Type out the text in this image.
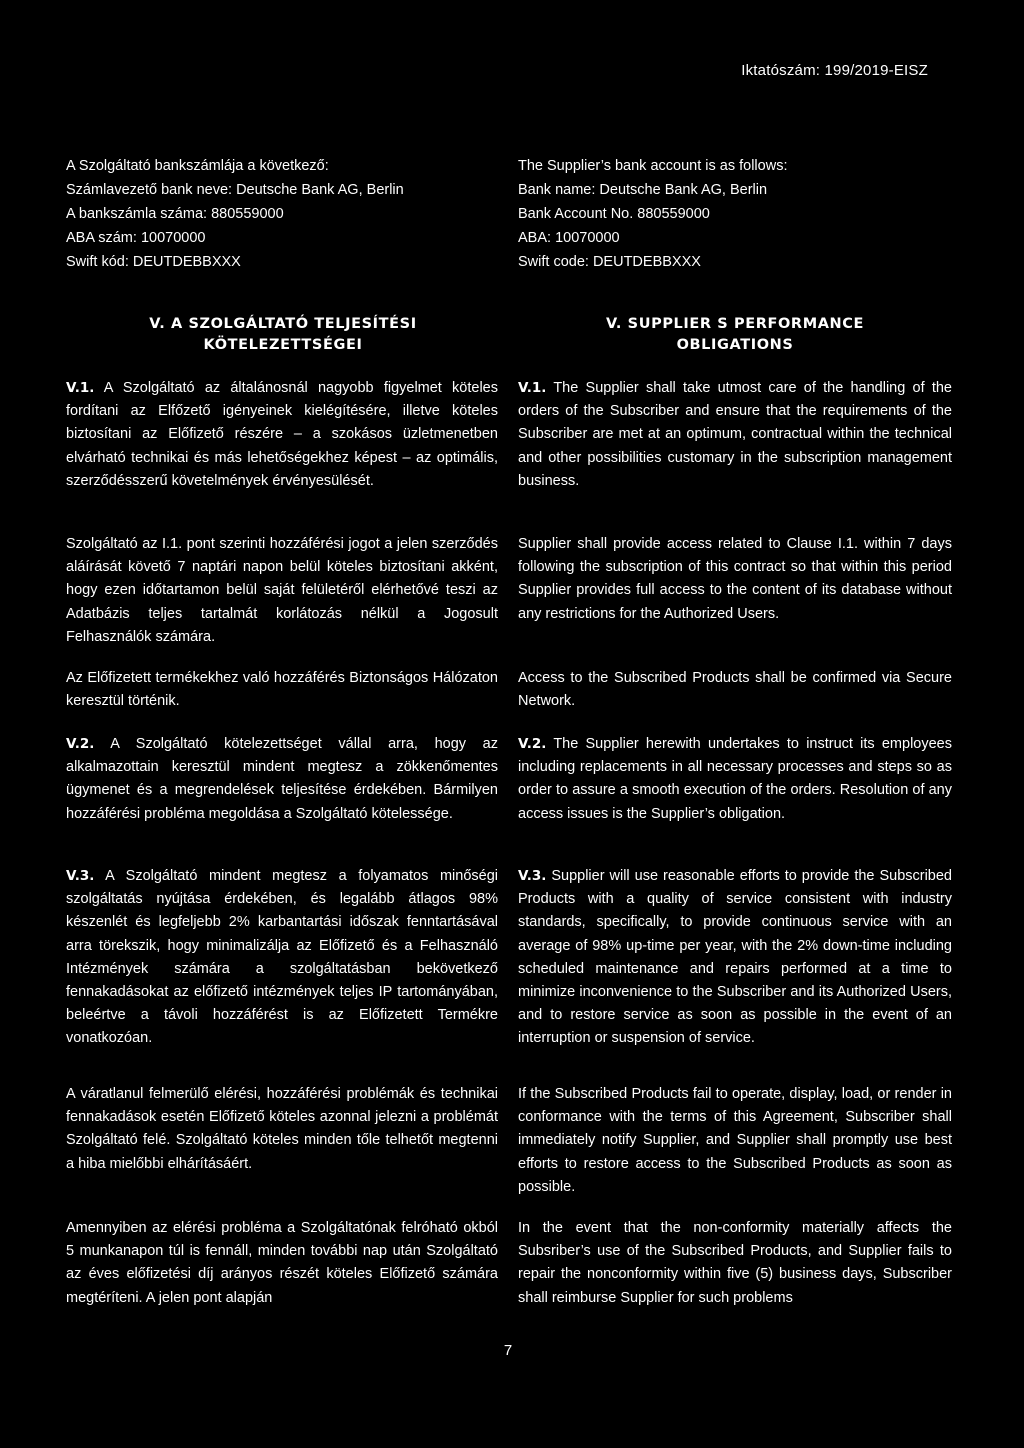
Iktatószám: 199/2019-EISZ

A Szolgáltató bankszámlája a következő:

Számlavezető bank neve: Deutsche Bank AG, Berlin

A bankszámla száma: 880559000

ABA szám: 10070000

Swift kód: DEUTDEBBXXX

The Supplier’s bank account is as follows:

Bank name: Deutsche Bank AG, Berlin

Bank Account No. 880559000

ABA: 10070000

Swift code: DEUTDEBBXXX

V. A SZOLGÁLTATÓ TELJESÍTÉSI
KÖTELEZETTSÉGEI
V. SUPPLIER S PERFORMANCE
OBLIGATIONS

V.1. A Szolgáltató az általánosnál nagyobb figyelmet köteles fordítani az Elfőzető igényeinek kielégítésére, illetve köteles biztosítani az Előfizető részére – a szokásos üzletmenetben elvárható technikai és más lehetőségekhez képest – az optimális, szerződésszerű követelmények érvényesülését.

Szolgáltató az I.1. pont szerinti hozzáférési jogot a jelen szerződés aláírását követő 7 naptári napon belül köteles biztosítani akként, hogy ezen időtartamon belül saját felületéről elérhetővé teszi az Adatbázis teljes tartalmát korlátozás nélkül a Jogosult Felhasználók számára.

Az Előfizetett termékekhez való hozzáférés Biztonságos Hálózaton keresztül történik.

V.2. A Szolgáltató kötelezettséget vállal arra, hogy az alkalmazottain keresztül mindent megtesz a zökkenőmentes ügymenet és a megrendelések teljesítése érdekében. Bármilyen hozzáférési probléma megoldása a Szolgáltató kötelessége.

V.3. A Szolgáltató mindent megtesz a folyamatos minőségi szolgáltatás nyújtása érdekében, és legalább átlagos 98% készenlét és legfeljebb 2% karbantartási időszak fenntartásával arra törekszik, hogy minimalizálja az Előfizető és a Felhasználó Intézmények számára a szolgáltatásban bekövetkező fennakadásokat az előfizető intézmények teljes IP tartományában, beleértve a távoli hozzáférést is az Előfizetett Termékre vonatkozóan.

A váratlanul felmerülő elérési, hozzáférési problémák és technikai fennakadások esetén Előfizető köteles azonnal jelezni a problémát Szolgáltató felé. Szolgáltató köteles minden tőle telhetőt megtenni a hiba mielőbbi elhárításáért.

Amennyiben az elérési probléma a Szolgáltatónak felróható okból 5 munkanapon túl is fennáll, minden további nap után Szolgáltató az éves előfizetési díj arányos részét köteles Előfizető számára megtéríteni. A jelen pont alapján

V.1. The Supplier shall take utmost care of the handling of the orders of the Subscriber and ensure that the requirements of the Subscriber are met at an optimum, contractual within the technical and other possibilities customary in the subscription management business.

Supplier shall provide access related to Clause I.1. within 7 days following the subscription of this contract so that within this period Supplier provides full access to the content of its database without any restrictions for the Authorized Users.

Access to the Subscribed Products shall be confirmed via Secure Network.

V.2. The Supplier herewith undertakes to instruct its employees including replacements in all necessary processes and steps so as order to assure a smooth execution of the orders. Resolution of any access issues is the Supplier’s obligation.

V.3. Supplier will use reasonable efforts to provide the Subscribed Products with a quality of service consistent with industry standards, specifically, to provide continuous service with an average of 98% up-time per year, with the 2% down-time including scheduled maintenance and repairs performed at a time to minimize inconvenience to the Subscriber and its Authorized Users, and to restore service as soon as possible in the event of an interruption or suspension of service.

If the Subscribed Products fail to operate, display, load, or render in conformance with the terms of this Agreement, Subscriber shall immediately notify Supplier, and Supplier shall promptly use best efforts to restore access to the Subscribed Products as soon as possible.

In the event that the non-conformity materially affects the Subsriber’s use of the Subscribed Products, and Supplier fails to repair the nonconformity within five (5) business days, Subscriber shall reimburse Supplier for such problems

7
